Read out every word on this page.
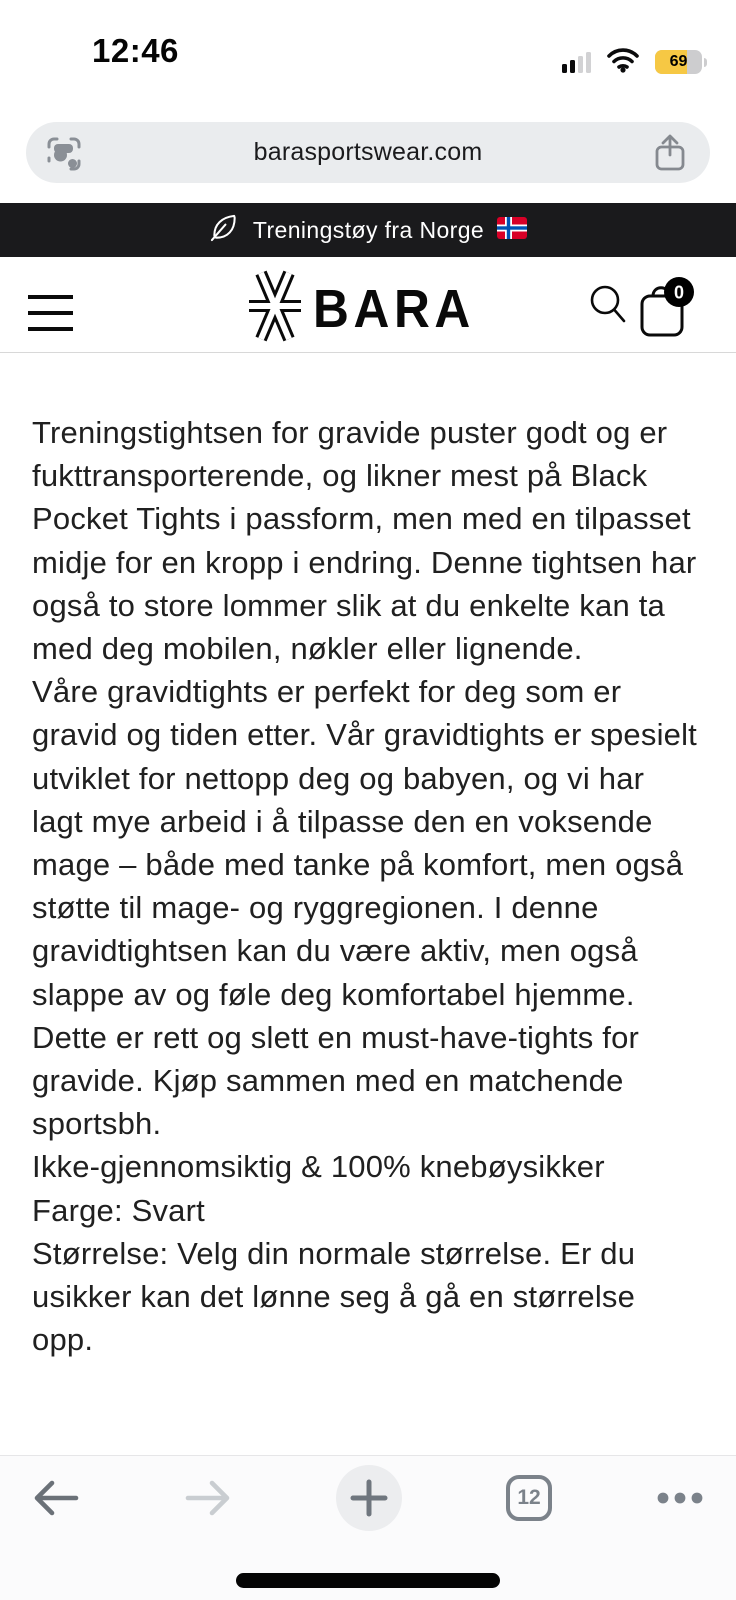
12:46	69
barasportswear.com
Treningstøy fra Norge
BARA	0

Treningstightsen for gravide puster godt og er fukttransporterende, og likner mest på Black Pocket Tights i passform, men med en tilpasset midje for en kropp i endring. Denne tightsen har også to store lommer slik at du enkelte kan ta med deg mobilen, nøkler eller lignende.

Våre gravidtights er perfekt for deg som er gravid og tiden etter. Vår gravidtights er spesielt utviklet for nettopp deg og babyen, og vi har lagt mye arbeid i å tilpasse den en voksende mage – både med tanke på komfort, men også støtte til mage- og ryggregionen. I denne gravidtightsen kan du være aktiv, men også slappe av og føle deg komfortabel hjemme. Dette er rett og slett en must-have-tights for gravide. Kjøp sammen med en matchende sportsbh.

Ikke-gjennomsiktig & 100% knebøysikker

Farge: Svart

Størrelse: Velg din normale størrelse. Er du usikker kan det lønne seg å gå en størrelse opp.

12
